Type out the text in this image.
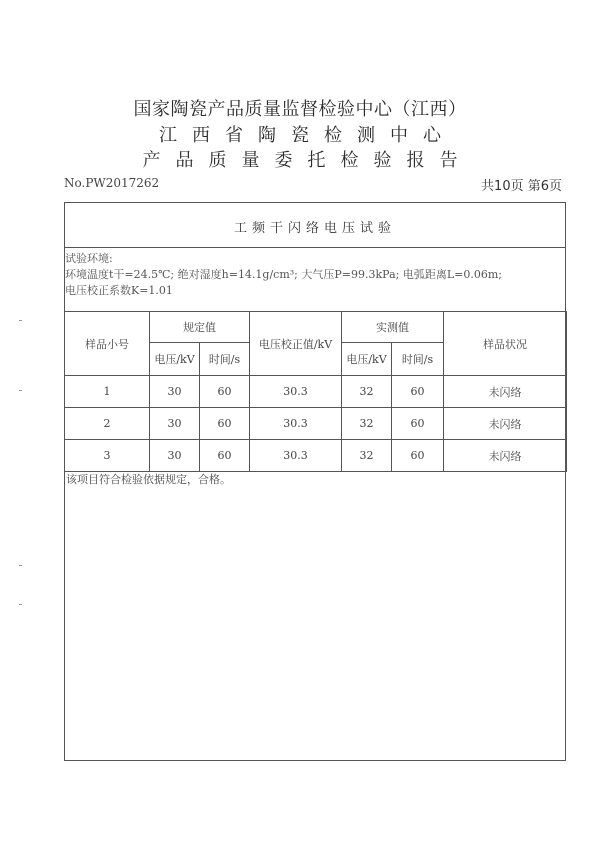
国家陶瓷产品质量监督检验中心（江西）
江西省陶瓷检测中心
产品质量委托检验报告
No.PW2017262	共10页 第6页
工频干闪络电压试验
试验环境:
环境温度t干=24.5℃; 绝对湿度h=14.1g/cm³; 大气压P=99.3kPa; 电弧距离L=0.06m;
电压校正系数K=1.01
样品小号	规定值		电压校正值/kV	实测值		样品状况
	电压/kV	时间/s		电压/kV	时间/s	
1	30	60	30.3	32	60	未闪络
2	30	60	30.3	32	60	未闪络
3	30	60	30.3	32	60	未闪络
该项目符合检验依据规定，合格。
